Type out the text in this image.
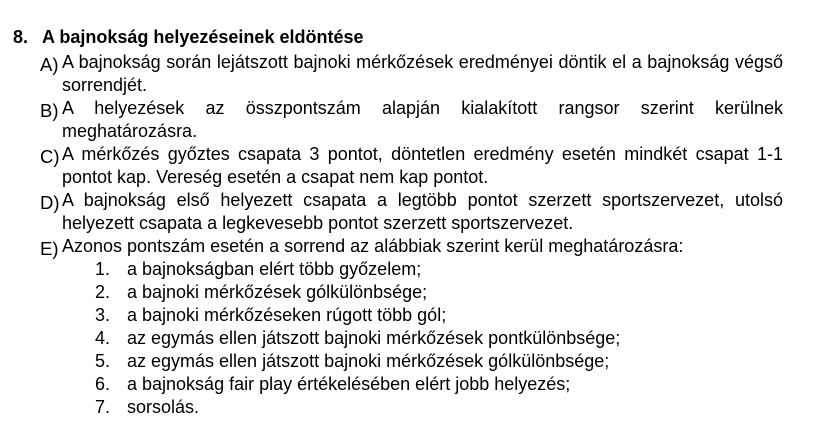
8. A bajnokság helyezéseinek eldöntése
A) A bajnokság során lejátszott bajnoki mérkőzések eredményei döntik el a bajnokság végső sorrendjét.
B) A helyezések az összpontszám alapján kialakított rangsor szerint kerülnek meghatározásra.
C) A mérkőzés győztes csapata 3 pontot, döntetlen eredmény esetén mindkét csapat 1-1 pontot kap. Vereség esetén a csapat nem kap pontot.
D) A bajnokság első helyezett csapata a legtöbb pontot szerzett sportszervezet, utolsó helyezett csapata a legkevesebb pontot szerzett sportszervezet.
E) Azonos pontszám esetén a sorrend az alábbiak szerint kerül meghatározásra:
1. a bajnokságban elért több győzelem;
2. a bajnoki mérkőzések gólkülönbsége;
3. a bajnoki mérkőzéseken rúgott több gól;
4. az egymás ellen játszott bajnoki mérkőzések pontkülönbsége;
5. az egymás ellen játszott bajnoki mérkőzések gólkülönbsége;
6. a bajnokság fair play értékelésében elért jobb helyezés;
7. sorsolás.
